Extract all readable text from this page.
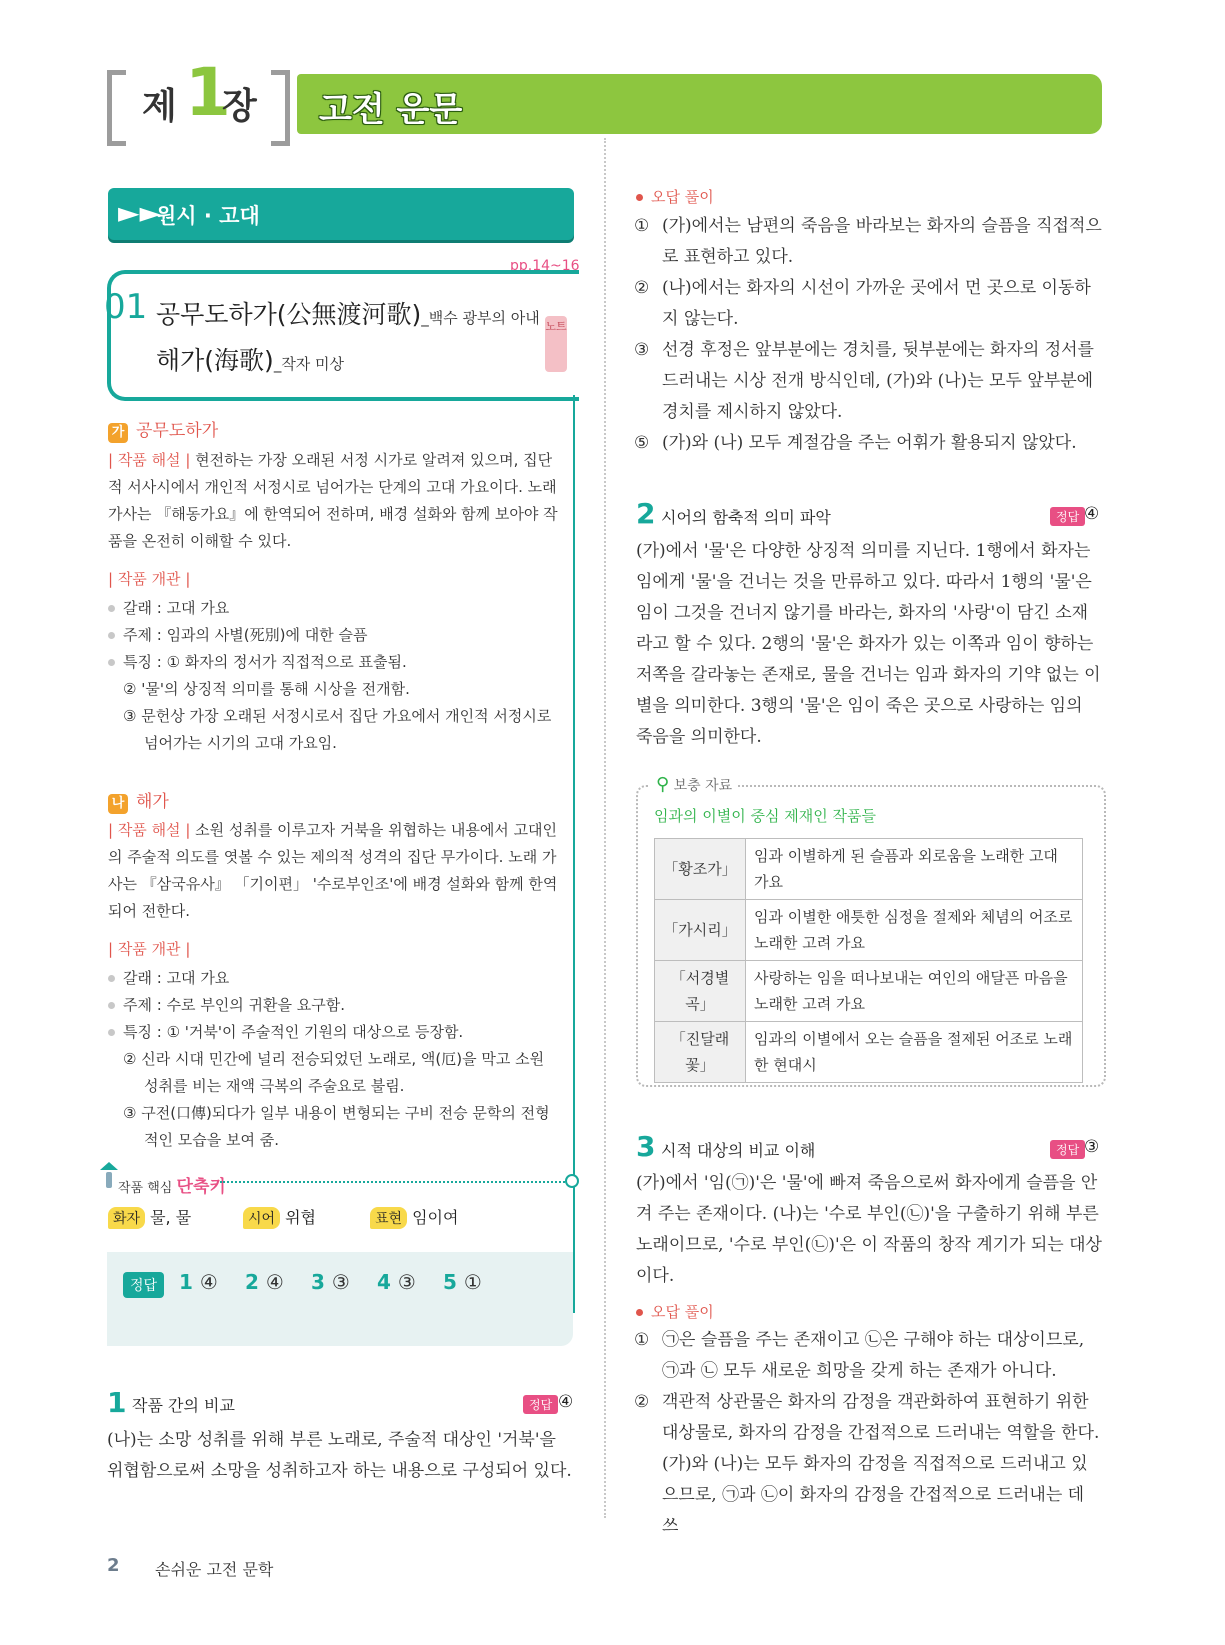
제 1
장 고전 운문
►►
원시 · 고대
pp.14~16
01 공무도하가(公無渡河歌)_백수 광부의 아내
해가(海歌)_작자 미상
노트
가 공무도하가
| 작품 해설 | 현전하는 가장 오래된 서정 시가로 알려져 있으며, 집단적 서사시에서 개인적 서정시로 넘어가는 단계의 고대 가요이다. 노래 가사는 『해동가요』에 한역되어 전하며, 배경 설화와 함께 보아야 작품을 온전히 이해할 수 있다.
| 작품 개관 |
갈래 : 고대 가요
주제 : 임과의 사별(死別)에 대한 슬픔
특징 : ① 화자의 정서가 직접적으로 표출됨.
② '물'의 상징적 의미를 통해 시상을 전개함.
③ 문헌상 가장 오래된 서정시로서 집단 가요에서 개인적 서정시로
넘어가는 시기의 고대 가요임.
나 해가
| 작품 해설 | 소원 성취를 이루고자 거북을 위협하는 내용에서 고대인의 주술적 의도를 엿볼 수 있는 제의적 성격의 집단 무가이다. 노래 가사는 『삼국유사』 「기이편」 '수로부인조'에 배경 설화와 함께 한역되어 전한다.
| 작품 개관 |
갈래 : 고대 가요
주제 : 수로 부인의 귀환을 요구함.
특징 : ① '거북'이 주술적인 기원의 대상으로 등장함.
② 신라 시대 민간에 널리 전승되었던 노래로, 액(厄)을 막고 소원
성취를 비는 재액 극복의 주술요로 불림.
③ 구전(口傳)되다가 일부 내용이 변형되는 구비 전승 문학의 전형
적인 모습을 보여 줌.
작품 핵심 단축키
화자 물, 물	시어 위협	표현 임이여
정답	1 ④ 2 ④ 3 ③ 4 ③ 5 ①
1 작품 간의 비교	정답 ④
(나)는 소망 성취를 위해 부른 노래로, 주술적 대상인 '거북'을 위협함으로써 소망을 성취하고자 하는 내용으로 구성되어 있다.
2 손쉬운 고전 문학
오답 풀이
① (가)에서는 남편의 죽음을 바라보는 화자의 슬픔을 직접적으로 표현하고 있다.
② (나)에서는 화자의 시선이 가까운 곳에서 먼 곳으로 이동하지 않는다.
③ 선경 후정은 앞부분에는 경치를, 뒷부분에는 화자의 정서를 드러내는 시상 전개 방식인데, (가)와 (나)는 모두 앞부분에 경치를 제시하지 않았다.
⑤ (가)와 (나) 모두 계절감을 주는 어휘가 활용되지 않았다.
2 시어의 함축적 의미 파악	정답 ④
(가)에서 '물'은 다양한 상징적 의미를 지닌다. 1행에서 화자는 임에게 '물'을 건너는 것을 만류하고 있다. 따라서 1행의 '물'은 임이 그것을 건너지 않기를 바라는, 화자의 '사랑'이 담긴 소재라고 할 수 있다. 2행의 '물'은 화자가 있는 이쪽과 임이 향하는 저쪽을 갈라놓는 존재로, 물을 건너는 임과 화자의 기약 없는 이별을 의미한다. 3행의 '물'은 임이 죽은 곳으로 사랑하는 임의 죽음을 의미한다.
⚲ 보충 자료
임과의 이별이 중심 제재인 작품들
「황조가」	임과 이별하게 된 슬픔과 외로움을 노래한 고대 가요
「가시리」	임과 이별한 애틋한 심정을 절제와 체념의 어조로 노래한 고려 가요
「서경별곡」	사랑하는 임을 떠나보내는 여인의 애달픈 마음을 노래한 고려 가요
「진달래꽃」	임과의 이별에서 오는 슬픔을 절제된 어조로 노래한 현대시
3 시적 대상의 비교 이해	정답 ③
(가)에서 '임(㉠)'은 '물'에 빠져 죽음으로써 화자에게 슬픔을 안겨 주는 존재이다. (나)는 '수로 부인(㉡)'을 구출하기 위해 부른 노래이므로, '수로 부인(㉡)'은 이 작품의 창작 계기가 되는 대상이다.
오답 풀이
① ㉠은 슬픔을 주는 존재이고 ㉡은 구해야 하는 대상이므로, ㉠과 ㉡ 모두 새로운 희망을 갖게 하는 존재가 아니다.
② 객관적 상관물은 화자의 감정을 객관화하여 표현하기 위한 대상물로, 화자의 감정을 간접적으로 드러내는 역할을 한다. (가)와 (나)는 모두 화자의 감정을 직접적으로 드러내고 있으므로, ㉠과 ㉡이 화자의 감정을 간접적으로 드러내는 데 쓰
